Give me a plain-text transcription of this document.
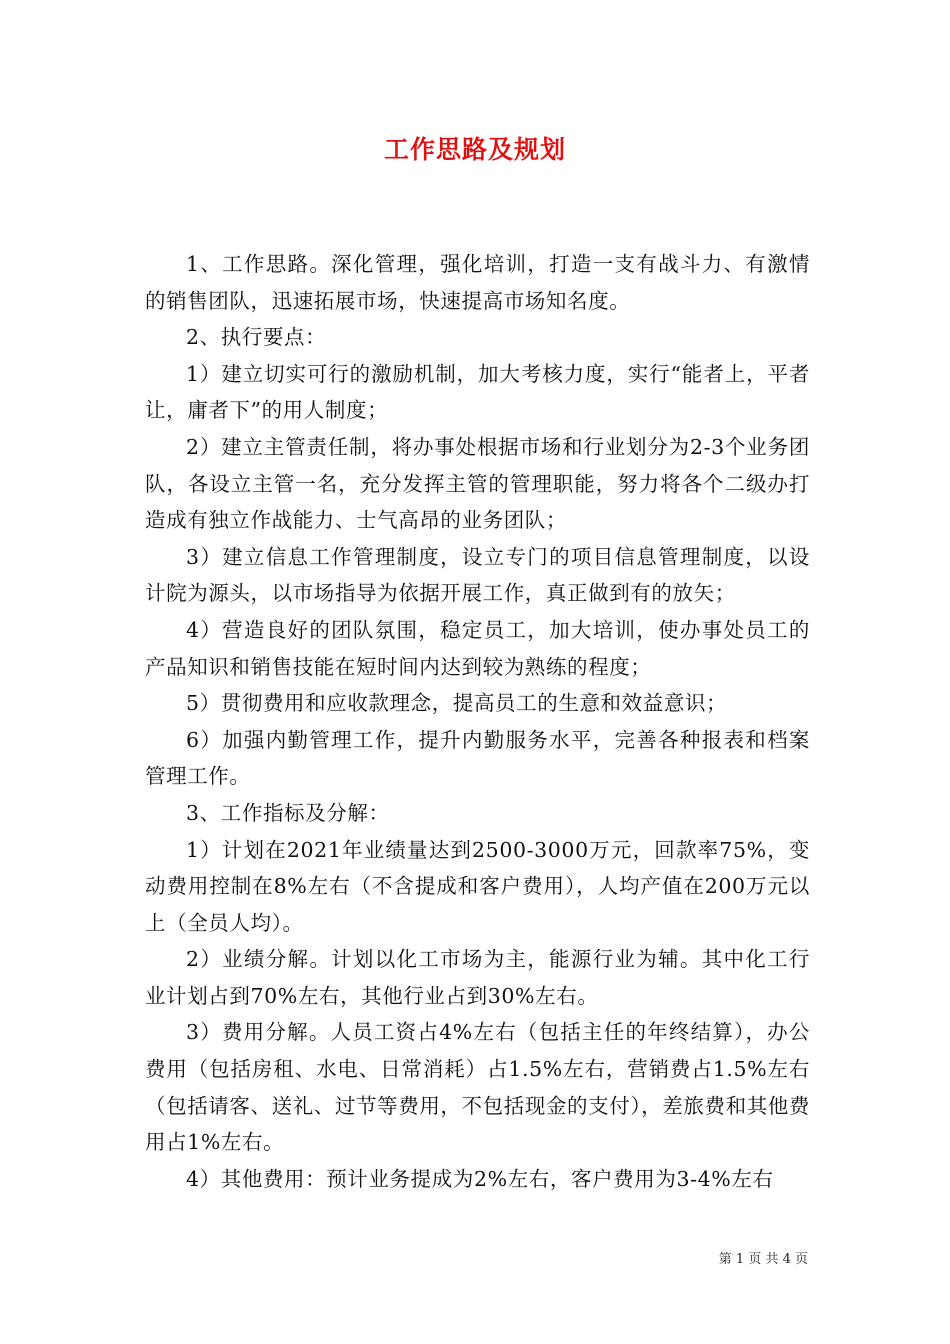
工作思路及规划

1、工作思路。深化管理，强化培训，打造一支有战斗力、有激情的销售团队，迅速拓展市场，快速提高市场知名度。

2、执行要点：

1）建立切实可行的激励机制，加大考核力度，实行“能者上，平者让，庸者下”的用人制度；

2）建立主管责任制，将办事处根据市场和行业划分为2-3个业务团队，各设立主管一名，充分发挥主管的管理职能，努力将各个二级办打造成有独立作战能力、士气高昂的业务团队；

3）建立信息工作管理制度，设立专门的项目信息管理制度，以设计院为源头，以市场指导为依据开展工作，真正做到有的放矢；

4）营造良好的团队氛围，稳定员工，加大培训，使办事处员工的产品知识和销售技能在短时间内达到较为熟练的程度；

5）贯彻费用和应收款理念，提高员工的生意和效益意识；

6）加强内勤管理工作，提升内勤服务水平，完善各种报表和档案管理工作。

3、工作指标及分解：

1）计划在2021年业绩量达到2500-3000万元，回款率75%，变动费用控制在8%左右（不含提成和客户费用），人均产值在200万元以上（全员人均）。

2）业绩分解。计划以化工市场为主，能源行业为辅。其中化工行业计划占到70%左右，其他行业占到30%左右。

3）费用分解。人员工资占4%左右（包括主任的年终结算），办公费用（包括房租、水电、日常消耗）占1.5%左右，营销费占1.5%左右（包括请客、送礼、过节等费用，不包括现金的支付），差旅费和其他费用占1%左右。

4）其他费用：预计业务提成为2%左右，客户费用为3-4%左右

第 1 页 共 4 页
